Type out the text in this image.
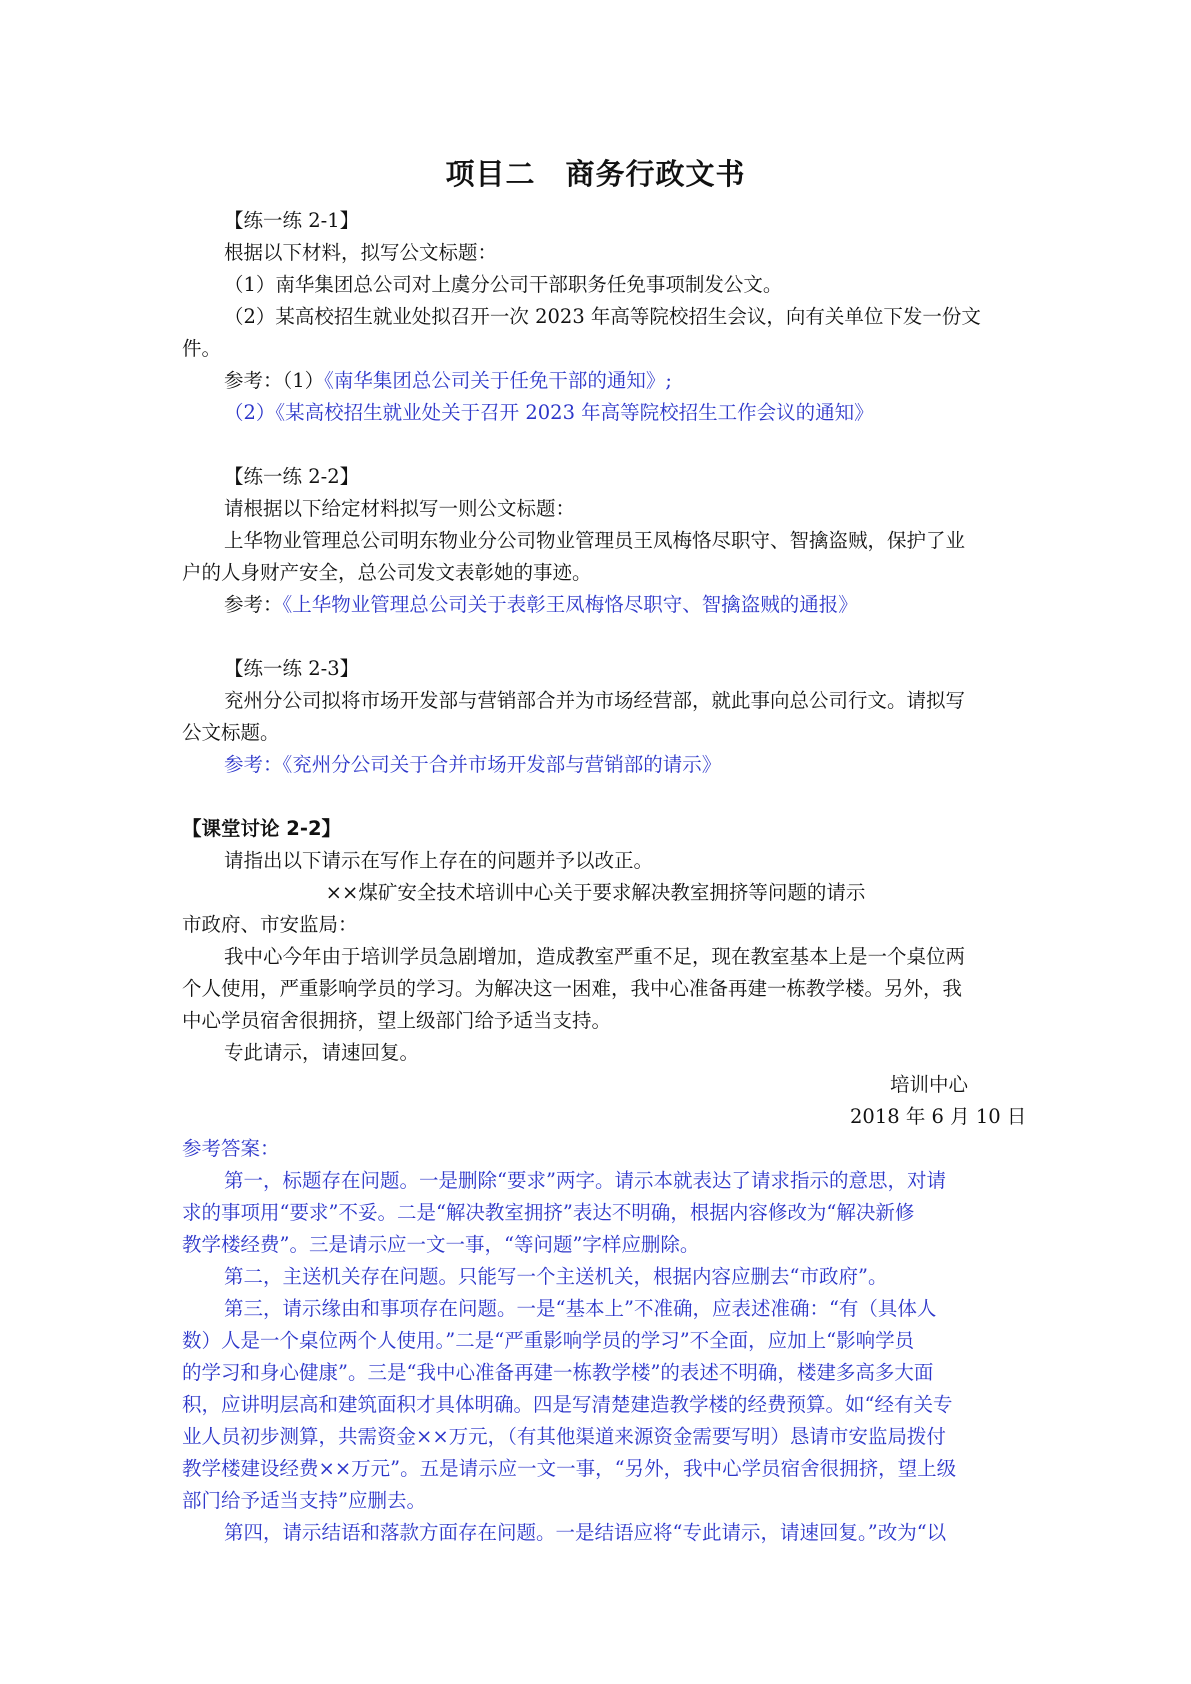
项目二　商务行政文书
【练一练 2-1】
根据以下材料，拟写公文标题：
（1）南华集团总公司对上虞分公司干部职务任免事项制发公文。
（2）某高校招生就业处拟召开一次 2023 年高等院校招生会议，向有关单位下发一份文
件。
参考：（1）《南华集团总公司关于任免干部的通知》;
（2）《某高校招生就业处关于召开 2023 年高等院校招生工作会议的通知》
【练一练 2-2】
请根据以下给定材料拟写一则公文标题：
上华物业管理总公司明东物业分公司物业管理员王凤梅恪尽职守、智擒盗贼，保护了业
户的人身财产安全，总公司发文表彰她的事迹。
参考：《上华物业管理总公司关于表彰王凤梅恪尽职守、智擒盗贼的通报》
【练一练 2-3】
兖州分公司拟将市场开发部与营销部合并为市场经营部，就此事向总公司行文。请拟写
公文标题。
参考：《兖州分公司关于合并市场开发部与营销部的请示》
【课堂讨论 2-2】
请指出以下请示在写作上存在的问题并予以改正。
××煤矿安全技术培训中心关于要求解决教室拥挤等问题的请示
市政府、市安监局：
我中心今年由于培训学员急剧增加，造成教室严重不足，现在教室基本上是一个桌位两
个人使用，严重影响学员的学习。为解决这一困难，我中心准备再建一栋教学楼。另外，我
中心学员宿舍很拥挤，望上级部门给予适当支持。
专此请示，请速回复。
培训中心
2018 年 6 月 10 日
参考答案：
第一，标题存在问题。一是删除“要求”两字。请示本就表达了请求指示的意思，对请
求的事项用“要求”不妥。二是“解决教室拥挤”表达不明确，根据内容修改为“解决新修
教学楼经费”。三是请示应一文一事，“等问题”字样应删除。
第二，主送机关存在问题。只能写一个主送机关，根据内容应删去“市政府”。
第三，请示缘由和事项存在问题。一是“基本上”不准确，应表述准确：“有（具体人
数）人是一个桌位两个人使用。”二是“严重影响学员的学习”不全面，应加上“影响学员
的学习和身心健康”。三是“我中心准备再建一栋教学楼”的表述不明确，楼建多高多大面
积，应讲明层高和建筑面积才具体明确。四是写清楚建造教学楼的经费预算。如“经有关专
业人员初步测算，共需资金××万元，（有其他渠道来源资金需要写明）恳请市安监局拨付
教学楼建设经费××万元”。五是请示应一文一事，“另外，我中心学员宿舍很拥挤，望上级
部门给予适当支持”应删去。
第四，请示结语和落款方面存在问题。一是结语应将“专此请示，请速回复。”改为“以
